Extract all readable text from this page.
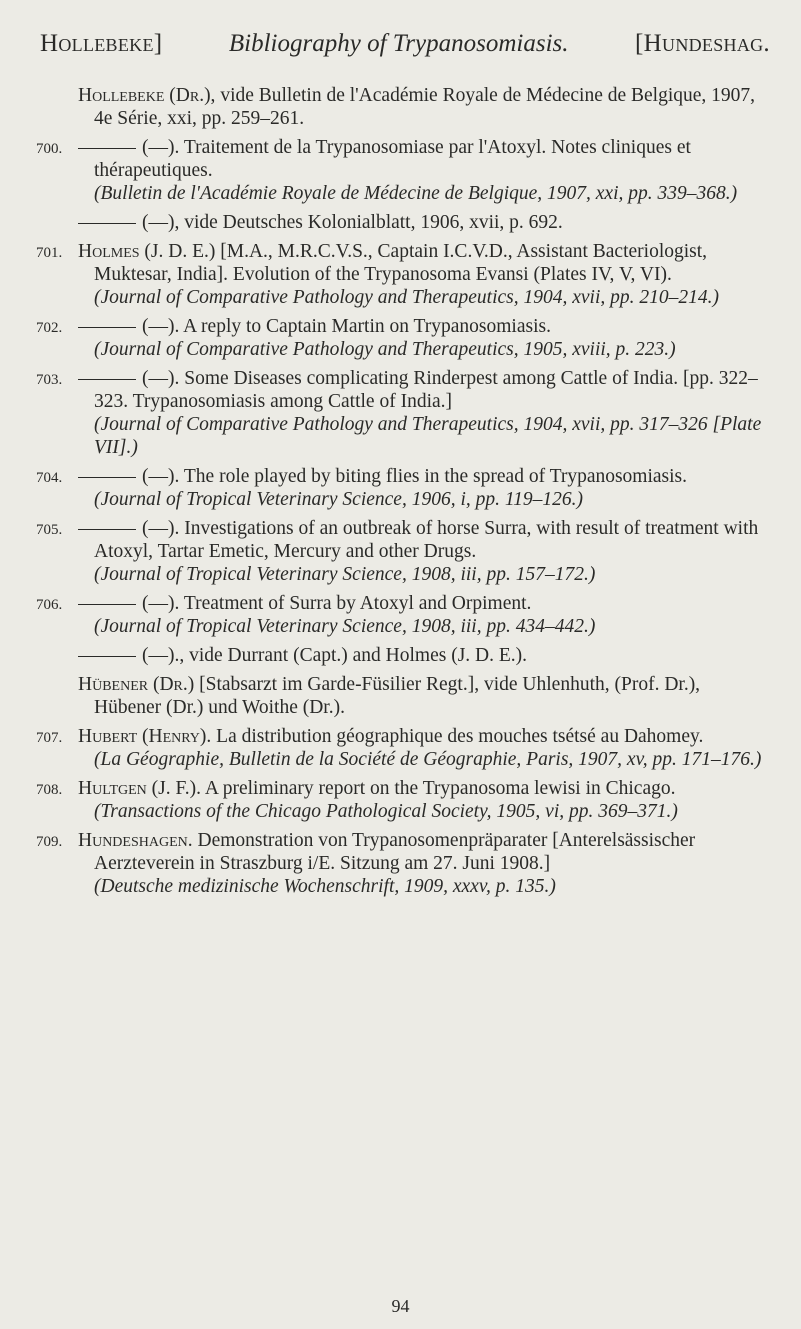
Hollebeke]	Bibliography of Trypanosomiasis.	[Hundeshag.
Hollebeke (Dr.), vide Bulletin de l'Académie Royale de Médecine de Belgique, 1907, 4e Série, xxi, pp. 259–261.
700.	(—). Traitement de la Trypanosomiase par l'Atoxyl. Notes cliniques et thérapeutiques.
(Bulletin de l'Académie Royale de Médecine de Belgique, 1907, xxi, pp. 339–368.)
(—), vide Deutsches Kolonialblatt, 1906, xvii, p. 692.
701. Holmes (J. D. E.) [M.A., M.R.C.V.S., Captain I.C.V.D., Assistant Bacteriologist, Muktesar, India]. Evolution of the Trypanosoma Evansi (Plates IV, V, VI).
(Journal of Comparative Pathology and Therapeutics, 1904, xvii, pp. 210–214.)
702.	(—). A reply to Captain Martin on Trypanosomiasis.
(Journal of Comparative Pathology and Therapeutics, 1905, xviii, p. 223.)
703.	(—). Some Diseases complicating Rinderpest among Cattle of India. [pp. 322–323. Trypanosomiasis among Cattle of India.]
(Journal of Comparative Pathology and Therapeutics, 1904, xvii, pp. 317–326 [Plate VII].)
704.	(—). The role played by biting flies in the spread of Trypanosomiasis.
(Journal of Tropical Veterinary Science, 1906, i, pp. 119–126.)
705.	(—). Investigations of an outbreak of horse Surra, with result of treatment with Atoxyl, Tartar Emetic, Mercury and other Drugs.
(Journal of Tropical Veterinary Science, 1908, iii, pp. 157–172.)
706.	(—). Treatment of Surra by Atoxyl and Orpiment.
(Journal of Tropical Veterinary Science, 1908, iii, pp. 434–442.)
(—)., vide Durrant (Capt.) and Holmes (J. D. E.).
Hübener (Dr.) [Stabsarzt im Garde-Füsilier Regt.], vide Uhlenhuth, (Prof. Dr.), Hübener (Dr.) und Woithe (Dr.).
707. Hubert (Henry). La distribution géographique des mouches tsétsé au Dahomey.
(La Géographie, Bulletin de la Société de Géographie, Paris, 1907, xv, pp. 171–176.)
708. Hultgen (J. F.). A preliminary report on the Trypanosoma lewisi in Chicago.
(Transactions of the Chicago Pathological Society, 1905, vi, pp. 369–371.)
709. Hundeshagen. Demonstration von Trypanosomenpräparater [Anterelsässischer Aerzteverein in Straszburg i/E. Sitzung am 27. Juni 1908.]
(Deutsche medizinische Wochenschrift, 1909, xxxv, p. 135.)
94
